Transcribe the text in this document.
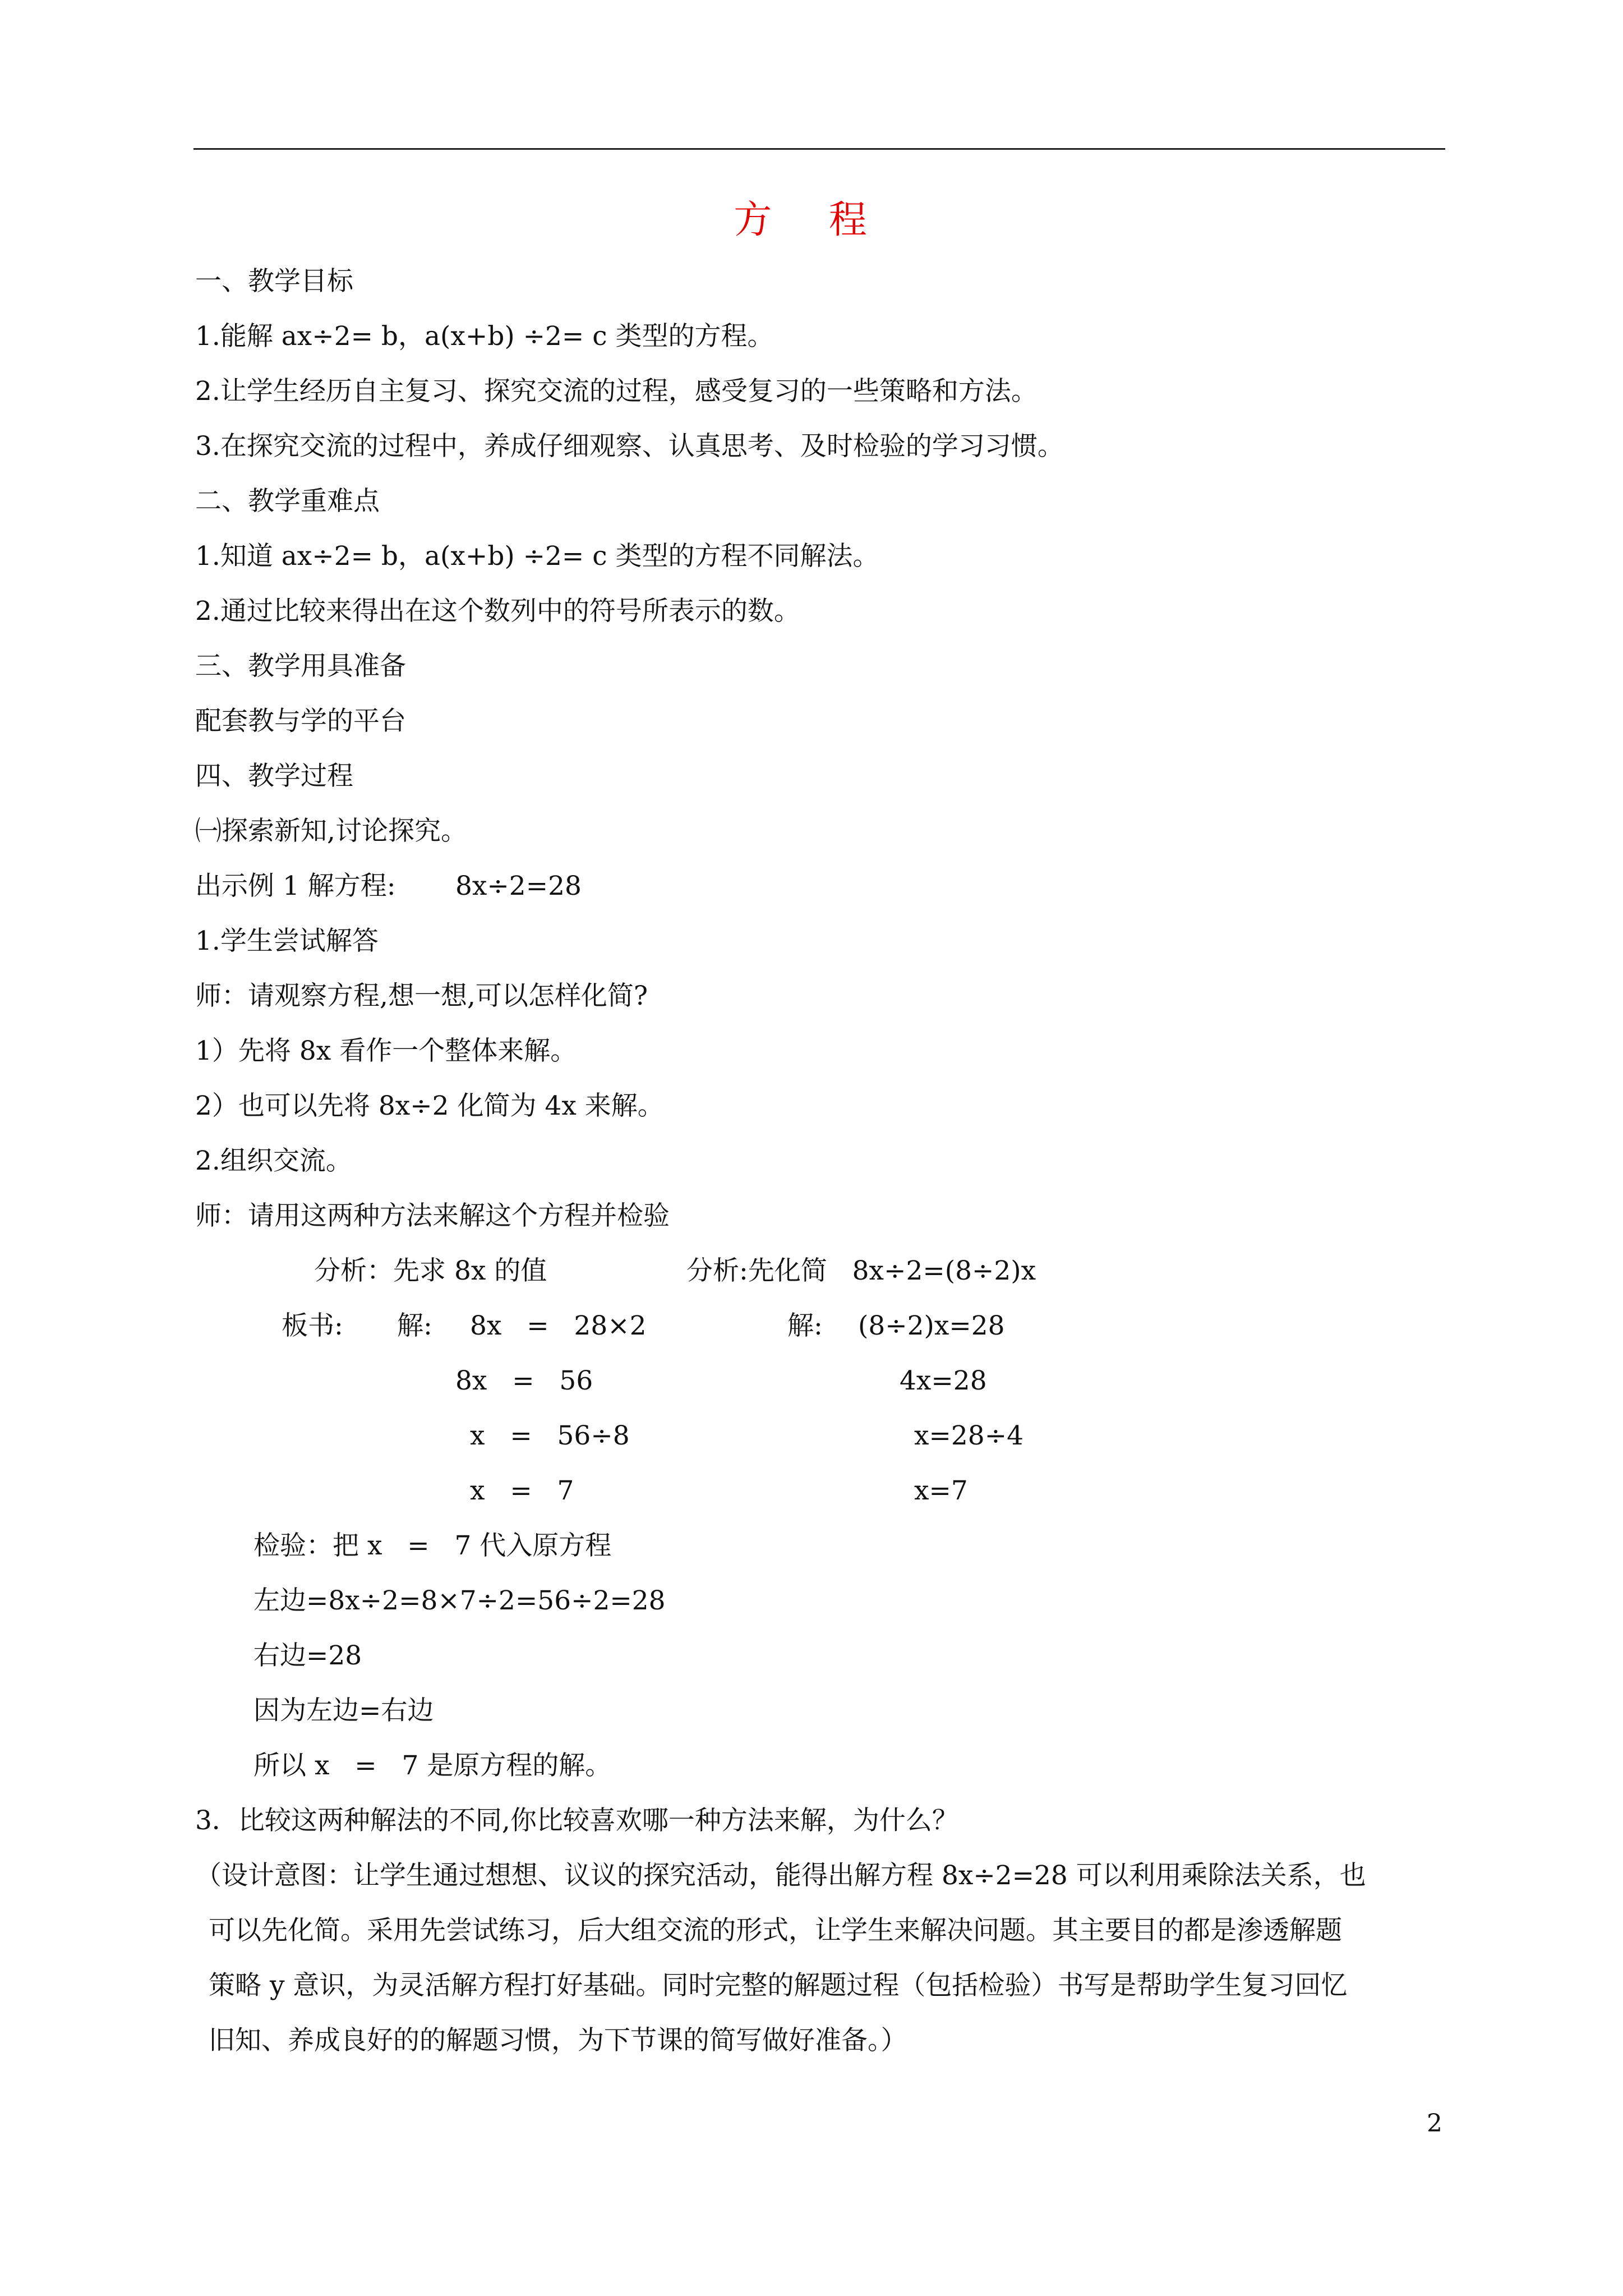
方 程
一、教学目标
1.能解 ax÷2= b，a(x+b) ÷2= c 类型的方程。
2.让学生经历自主复习、探究交流的过程，感受复习的一些策略和方法。
3.在探究交流的过程中，养成仔细观察、认真思考、及时检验的学习习惯。
二、教学重难点
1.知道 ax÷2= b，a(x+b) ÷2= c 类型的方程不同解法。
2.通过比较来得出在这个数列中的符号所表示的数。
三、教学用具准备
配套教与学的平台
四、教学过程
㈠探索新知,讨论探究。
出示例 1 解方程: 8x÷2=28
1.学生尝试解答
师：请观察方程,想一想,可以怎样化简?
1）先将 8x 看作一个整体来解。
2）也可以先将 8x÷2 化简为 4x 来解。
2.组织交流。
师：请用这两种方法来解这个方程并检验
分析：先求 8x 的值	分析:先化简   8x÷2=(8÷2)x
板书: 解: 8x   =   28×2
8x   =   56
x   =   56÷8
x   =   7
解: (8÷2)x=28
4x=28
x=28÷4
x=7
检验：把 x   =   7 代入原方程
左边=8x÷2=8×7÷2=56÷2=28
右边=28
因为左边=右边
所以 x   =   7 是原方程的解。
3．比较这两种解法的不同,你比较喜欢哪一种方法来解，为什么？
（设计意图：让学生通过想想、议议的探究活动，能得出解方程 8x÷2=28 可以利用乘除法关系，也
可以先化简。采用先尝试练习，后大组交流的形式，让学生来解决问题。其主要目的都是渗透解题
策略 y 意识，为灵活解方程打好基础。同时完整的解题过程（包括检验）书写是帮助学生复习回忆
旧知、养成良好的的解题习惯，为下节课的简写做好准备。）
2
